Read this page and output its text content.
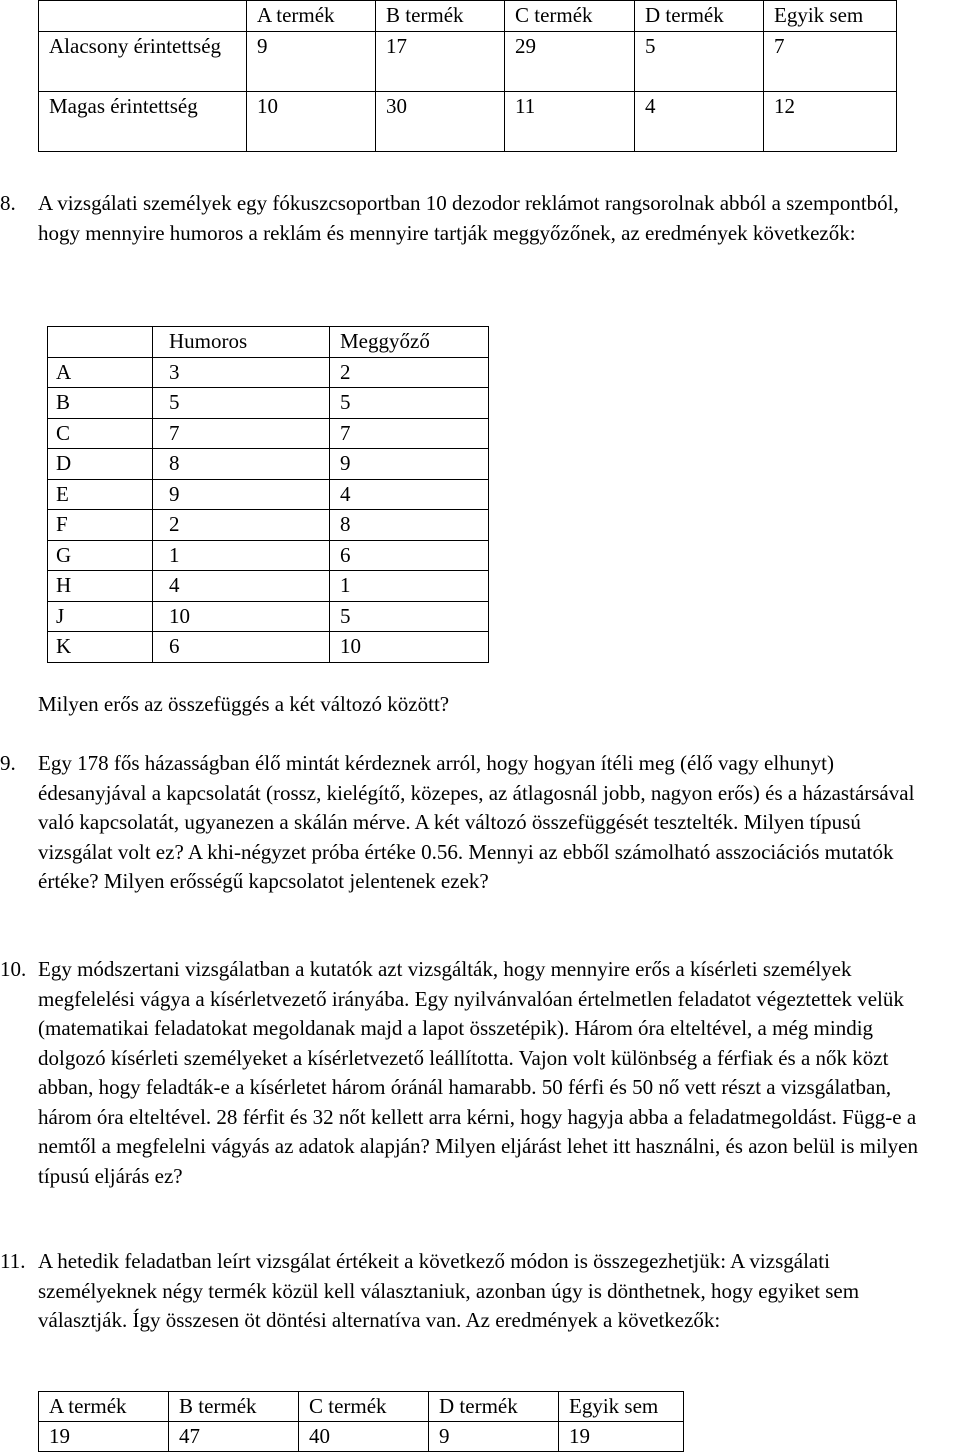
	A termék	B termék	C termék	D termék	Egyik sem
Alacsony érintettség	9	17	29	5	7
Magas érintettség	10	30	11	4	12
8.	A vizsgálati személyek egy fókuszcsoportban 10 dezodor reklámot rangsorolnak abból a szempontból, hogy mennyire humoros a reklám és mennyire tartják meggyőzőnek, az eredmények következők:

	Humoros	Meggyőző
A	3	2
B	5	5
C	7	7
D	8	9
E	9	4
F	2	8
G	1	6
H	4	1
J	10	5
K	6	10

Milyen erős az összefüggés a két változó között?

9. Egy 178 fős házasságban élő mintát kérdeznek arról, hogy hogyan ítéli meg (élő vagy elhunyt) édesanyjával a kapcsolatát (rossz, kielégítő, közepes, az átlagosnál jobb, nagyon erős) és a házastársával való kapcsolatát, ugyanezen a skálán mérve. A két változó összefüggését tesztelték. Milyen típusú vizsgálat volt ez? A khi-négyzet próba értéke 0.56. Mennyi az ebből számolható asszociációs mutatók értéke? Milyen erősségű kapcsolatot jelentenek ezek?

10. Egy módszertani vizsgálatban a kutatók azt vizsgálták, hogy mennyire erős a kísérleti személyek megfelelési vágya a kísérletvezető irányába. Egy nyilvánvalóan értelmetlen feladatot végeztettek velük (matematikai feladatokat megoldanak majd a lapot összetépik). Három óra elteltével, a még mindig dolgozó kísérleti személyeket a kísérletvezető leállította. Vajon volt különbség a férfiak és a nők közt abban, hogy feladták-e a kísérletet három óránál hamarabb. 50 férfi és 50 nő vett részt a vizsgálatban, három óra elteltével. 28 férfit és 32 nőt kellett arra kérni, hogy hagyja abba a feladatmegoldást. Függ-e a nemtől a megfelelni vágyás az adatok alapján? Milyen eljárást lehet itt használni, és azon belül is milyen típusú eljárás ez?

11. A hetedik feladatban leírt vizsgálat értékeit a következő módon is összegezhetjük: A vizsgálati személyeknek négy termék közül kell választaniuk, azonban úgy is dönthetnek, hogy egyiket sem választják. Így összesen öt döntési alternatíva van. Az eredmények a következők:

A termék	B termék	C termék	D termék	Egyik sem
19	47	40	9	19
